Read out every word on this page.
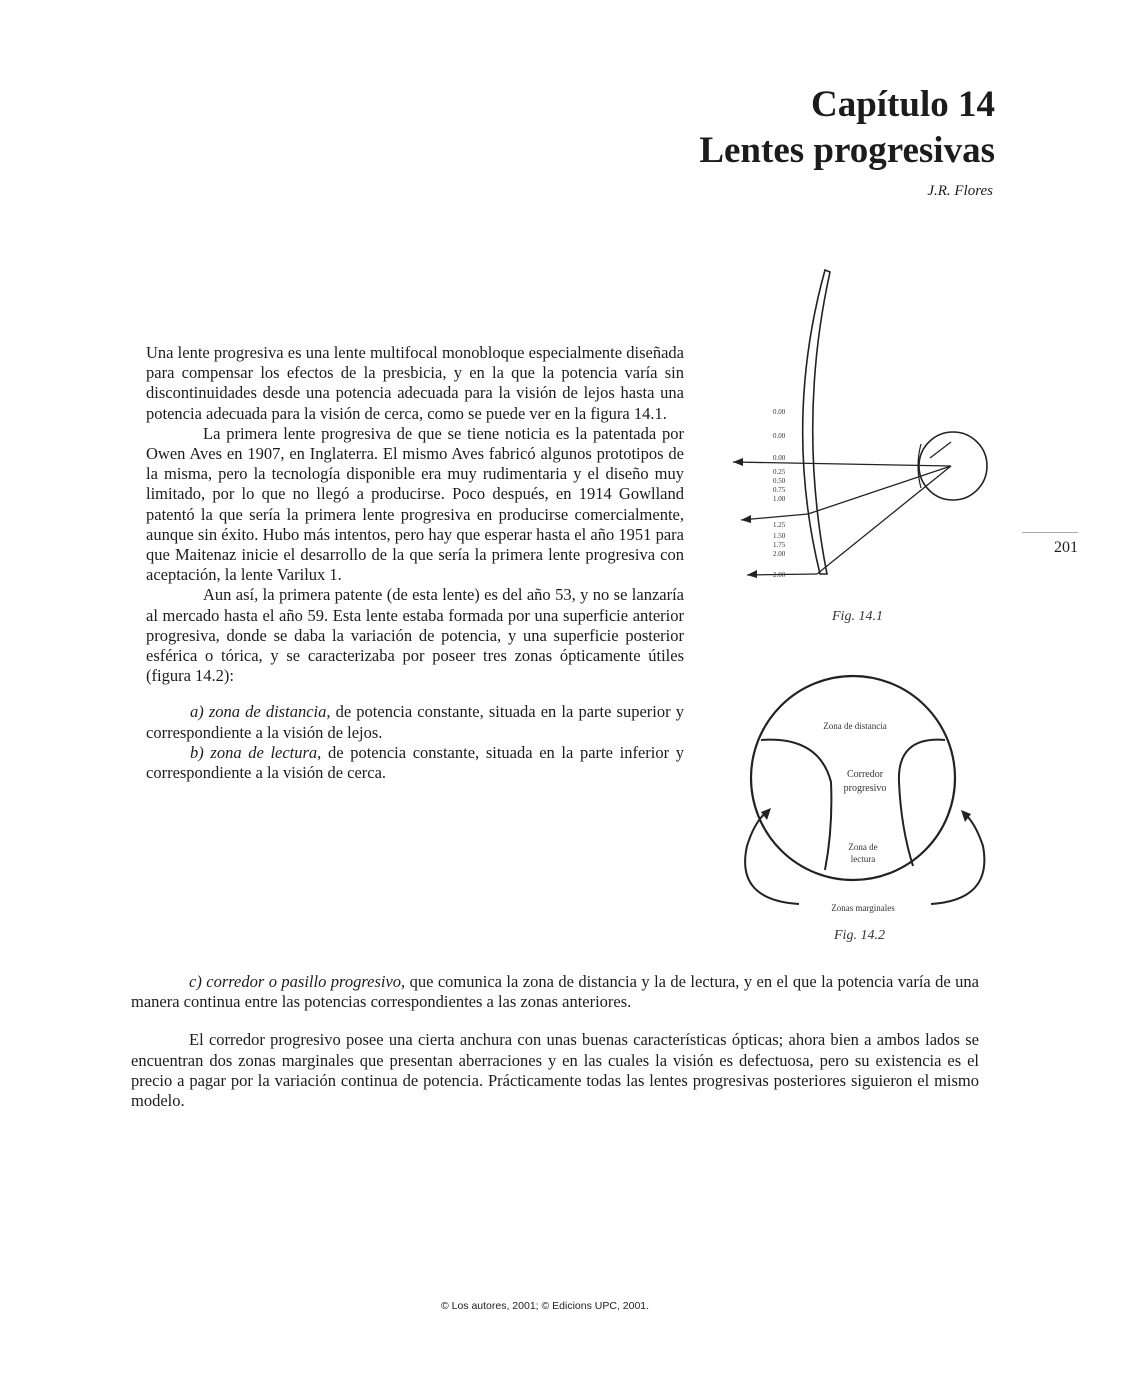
Capítulo 14
Lentes progresivas
J.R. Flores
201

Una lente progresiva es una lente multifocal monobloque especialmente diseñada para compensar los efectos de la presbicia, y en la que la potencia varía sin discontinuidades desde una potencia adecuada para la visión de lejos hasta una potencia adecuada para la visión de cerca, como se puede ver en la figura 14.1.

La primera lente progresiva de que se tiene noticia es la patentada por Owen Aves en 1907, en Inglaterra. El mismo Aves fabricó algunos prototipos de la misma, pero la tecnología disponible era muy rudimentaria y el diseño muy limitado, por lo que no llegó a producirse. Poco después, en 1914 Gowlland patentó la que sería la primera lente progresiva en producirse comercialmente, aunque sin éxito. Hubo más intentos, pero hay que esperar hasta el año 1951 para que Maitenaz inicie el desarrollo de la que sería la primera lente progresiva con aceptación, la lente Varilux 1.

Aun así, la primera patente (de esta lente) es del año 53, y no se lanzaría al mercado hasta el año 59. Esta lente estaba formada por una superficie anterior progresiva, donde se daba la variación de potencia, y una superficie posterior esférica o tórica, y se caracterizaba por poseer tres zonas ópticamente útiles (figura 14.2):

a) zona de distancia, de potencia constante, situada en la parte superior y correspondiente a la visión de lejos.

b) zona de lectura, de potencia constante, situada en la parte inferior y correspondiente a la visión de cerca.

c) corredor o pasillo progresivo, que comunica la zona de distancia y la de lectura, y en el que la potencia varía de una manera continua entre las potencias correspondientes a las zonas anteriores.

El corredor progresivo posee una cierta anchura con unas buenas características ópticas; ahora bien a ambos lados se encuentran dos zonas marginales que presentan aberraciones y en las cuales la visión es defectuosa, pero su existencia es el precio a pagar por la variación continua de potencia. Prácticamente todas las lentes progresivas posteriores siguieron el mismo modelo.

0.00
0.00
0.00
0.25
0.50
0.75
1.00
1.25
1.50
1.75
2.00
2.00
Fig. 14.1
Zona de distancia
Corredor
progresivo
Zona de
lectura
Zonas marginales
Fig. 14.2
© Los autores, 2001; © Edicions UPC, 2001.
